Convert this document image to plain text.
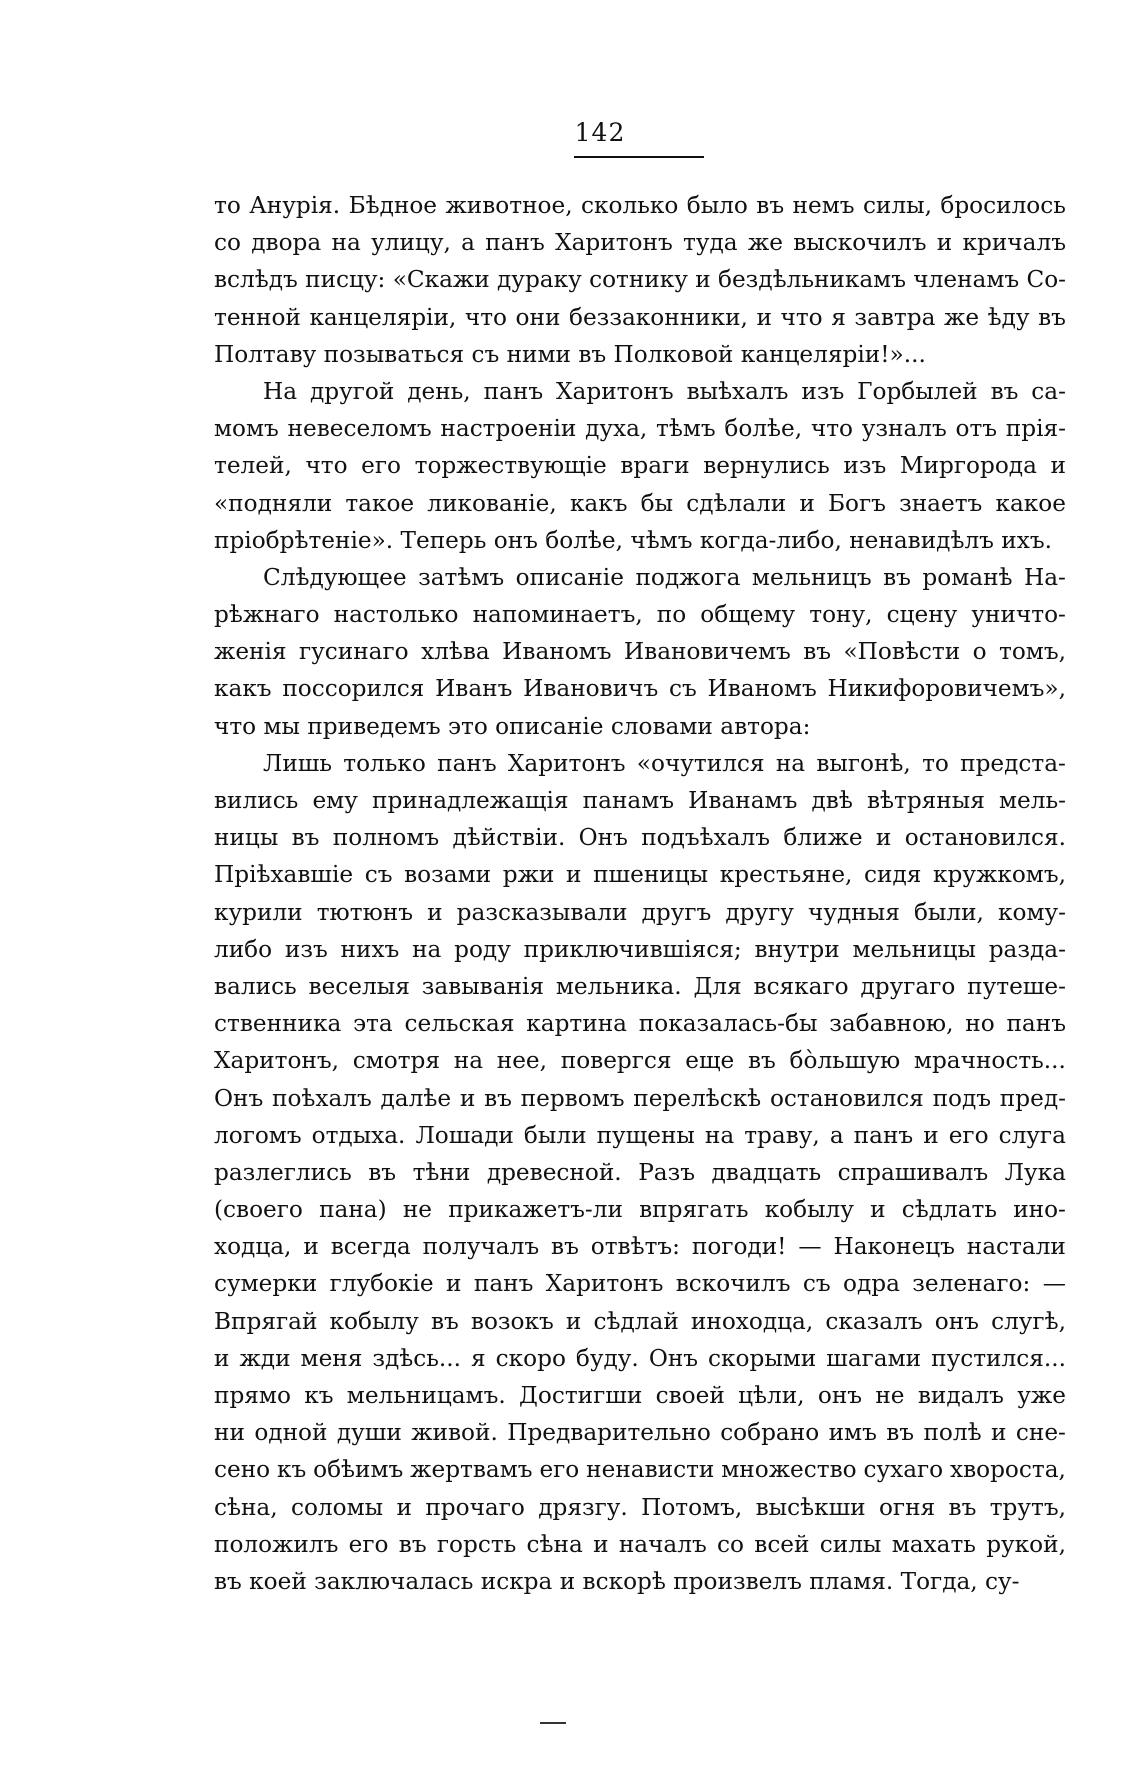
142
то Анурія. Бѣдное животное, сколько было въ немъ силы, бросилось
со двора на улицу, а панъ Харитонъ туда же выскочилъ и кричалъ
вслѣдъ писцу: «Скажи дураку сотнику и бездѣльникамъ членамъ Со-
тенной канцеляріи, что они беззаконники, и что я завтра же ѣду въ
Полтаву позываться съ ними въ Полковой канцеляріи!»...
На другой день, панъ Харитонъ выѣхалъ изъ Горбылей въ са-
момъ невеселомъ настроеніи духа, тѣмъ болѣе, что узналъ отъ прія-
телей, что его торжествующіе враги вернулись изъ Миргорода и
«подняли такое ликованіе, какъ бы сдѣлали и Богъ знаетъ какое
пріобрѣтеніе». Теперь онъ болѣе, чѣмъ когда-либо, ненавидѣлъ ихъ.
Слѣдующее затѣмъ описаніе поджога мельницъ въ романѣ На-
рѣжнаго настолько напоминаетъ, по общему тону, сцену уничто-
женія гусинаго хлѣва Иваномъ Ивановичемъ въ «Повѣсти о томъ,
какъ поссорился Иванъ Ивановичъ съ Иваномъ Никифоровичемъ»,
что мы приведемъ это описаніе словами автора:
Лишь только панъ Харитонъ «очутился на выгонѣ, то предста-
вились ему принадлежащія панамъ Иванамъ двѣ вѣтряныя мель-
ницы въ полномъ дѣйствіи. Онъ подъѣхалъ ближе и остановился.
Пріѣхавшіе съ возами ржи и пшеницы крестьяне, сидя кружкомъ,
курили тютюнъ и разсказывали другъ другу чудныя были, кому-
либо изъ нихъ на роду приключившіяся; внутри мельницы разда-
вались веселыя завыванія мельника. Для всякаго другаго путеше-
ственника эта сельская картина показалась-бы забавною, но панъ
Харитонъ, смотря на нее, повергся еще въ бо̀льшую мрачность...
Онъ поѣхалъ далѣе и въ первомъ перелѣскѣ остановился подъ пред-
логомъ отдыха. Лошади были пущены на траву, а панъ и его слуга
разлеглись въ тѣни древесной. Разъ двадцать спрашивалъ Лука
(своего пана) не прикажетъ-ли впрягать кобылу и сѣдлать ино-
ходца, и всегда получалъ въ отвѣтъ: погоди! — Наконецъ настали
сумерки глубокіе и панъ Харитонъ вскочилъ съ одра зеленаго: —
Впрягай кобылу въ возокъ и сѣдлай иноходца, сказалъ онъ слугѣ,
и жди меня здѣсь... я скоро буду. Онъ скорыми шагами пустился...
прямо къ мельницамъ. Достигши своей цѣли, онъ не видалъ уже
ни одной души живой. Предварительно собрано имъ въ полѣ и сне-
сено къ обѣимъ жертвамъ его ненависти множество сухаго хвороста,
сѣна, соломы и прочаго дрязгу. Потомъ, высѣкши огня въ трутъ,
положилъ его въ горсть сѣна и началъ со всей силы махать рукой,
въ коей заключалась искра и вскорѣ произвелъ пламя. Тогда, су-
